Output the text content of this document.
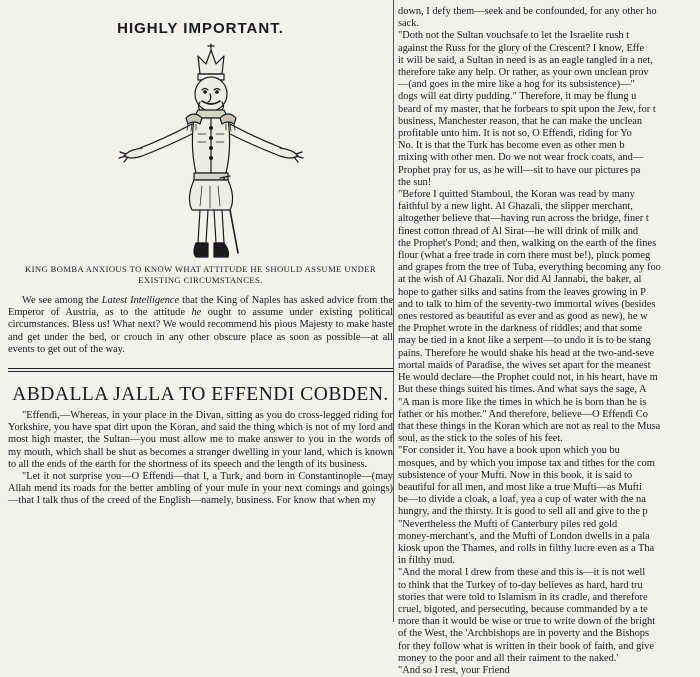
HIGHLY IMPORTANT.
KING BOMBA ANXIOUS TO KNOW WHAT ATTITUDE HE SHOULD ASSUME UNDER EXISTING CIRCUMSTANCES.
We see among the Latest Intelligence that the King of Naples has asked advice from the Emperor of Austria, as to the attitude he ought to assume under existing political circumstances. Bless us! What next? We would recommend his pious Majesty to make haste and get under the bed, or crouch in any other obscure place as soon as possible—at all events to get out of the way.
ABDALLA JALLA TO EFFENDI COBDEN.

"Effendi,—Whereas, in your place in the Divan, sitting as you do cross-legged riding for Yorkshire, you have spat dirt upon the Koran, and said the thing which is not of my lord and most high master, the Sultan—you must allow me to make answer to you in the words of my mouth, which shall be shut as becomes a stranger dwelling in your land, which is known to all the ends of the earth for the shortness of its speech and the length of its business.

"Let it not surprise you—O Effendi—that I, a Turk, and born in Constantinople—(may Allah mend its roads for the better ambling of your mule in your next comings and goings)—that I talk thus of the creed of the English—namely, business. For know that when my

down, I defy them—seek and be confounded, for any other ho
sack.
"Doth not the Sultan vouchsafe to let the Israelite rush t
against the Russ for the glory of the Crescent? I know, Effe
it will be said, a Sultan in need is as an eagle tangled in a net,
therefore take any help. Or rather, as your own unclean prov
—(and goes in the mire like a hog for its subsistence)—"
dogs will eat dirty pudding." Therefore, it may be flung u
beard of my master, that he forbears to spit upon the Jew, for t
business, Manchester reason, that he can make the unclean
profitable unto him. It is not so, O Effendi, riding for Yo
No. It is that the Turk has become even as other men b
mixing with other men. Do we not wear frock coats, and—
Prophet pray for us, as he will—sit to have our pictures pa
the sun!
"Before I quitted Stamboul, the Koran was read by many
faithful by a new light. Al Ghazali, the slipper merchant,
altogether believe that—having run across the bridge, finer t
finest cotton thread of Al Sirat—he will drink of milk and
the Prophet's Pond; and then, walking on the earth of the fines
flour (what a free trade in corn there must be!), pluck pomeg
and grapes from the tree of Tuba, everything becoming any foo
at the wish of Al Ghazali. Nor did Al Jannabi, the baker, al
hope to gather silks and satins from the leaves growing in P
and to talk to him of the seventy-two immortal wives (besides
ones restored as beautiful as ever and as good as new), he w
the Prophet wrote in the darkness of riddles; and that some
may be tied in a knot like a serpent—to undo it is to be stang
pains. Therefore he would shake his head at the two-and-seve
mortal maids of Paradise, the wives set apart for the meanest
He would declare—the Prophet could not, in his heart, have m
But these things suited his times. And what says the sage, A
"A man is more like the times in which he is born than he is
father or his mother." And therefore, believe—O Effendi Co
that these things in the Koran which are not as real to the Musa
soul, as the stick to the soles of his feet.
"For consider it. You have a book upon which you bu
mosques, and by which you impose tax and tithes for the com
subsistence of your Mufti. Now in this book, it is said to
beautiful for all men, and most like a true Mufti—as Mufti
be—to divide a cloak, a loaf, yea a cup of water with the na
hungry, and the thirsty. It is good to sell all and give to the p
"Nevertheless the Mufti of Canterbury piles red gold
money-merchant's, and the Mufti of London dwells in a pala
kiosk upon the Thames, and rolls in filthy lucre even as a Tha
in filthy mud.
"And the moral I drew from these and this is—it is not well
to think that the Turkey of to-day believes as hard, hard tru
stories that were told to Islamism in its cradle, and therefore
cruel, bigoted, and persecuting, because commanded by a te
more than it would be wise or true to write down of the bright
of the West, the 'Archbishops are in poverty and the Bishops
for they follow what is written in their book of faith, and give
money to the poor and all their raiment to the naked.'
"And so I rest, your Friend
